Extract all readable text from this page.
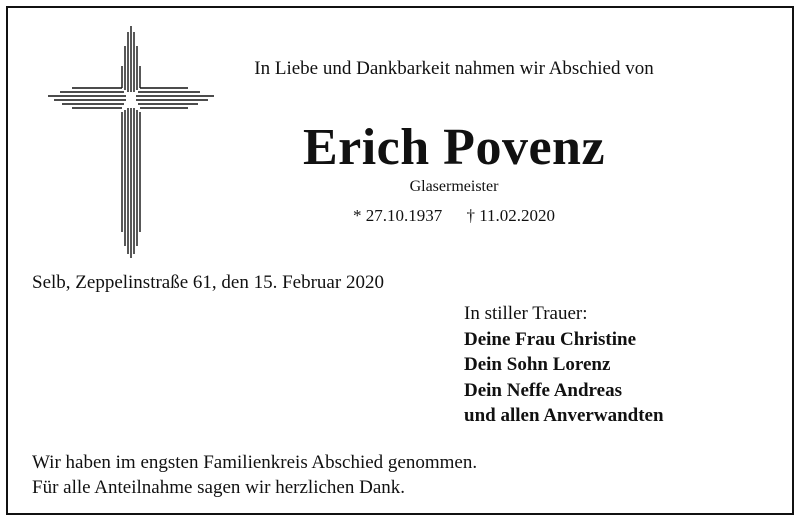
In Liebe und Dankbarkeit nahmen wir Abschied von
Erich Povenz
Glasermeister
* 27.10.1937 † 11.02.2020
Selb, Zeppelinstraße 61, den 15. Februar 2020
In stiller Trauer:
Deine Frau Christine
Dein Sohn Lorenz
Dein Neffe Andreas
und allen Anverwandten
Wir haben im engsten Familienkreis Abschied genommen.
Für alle Anteilnahme sagen wir herzlichen Dank.
